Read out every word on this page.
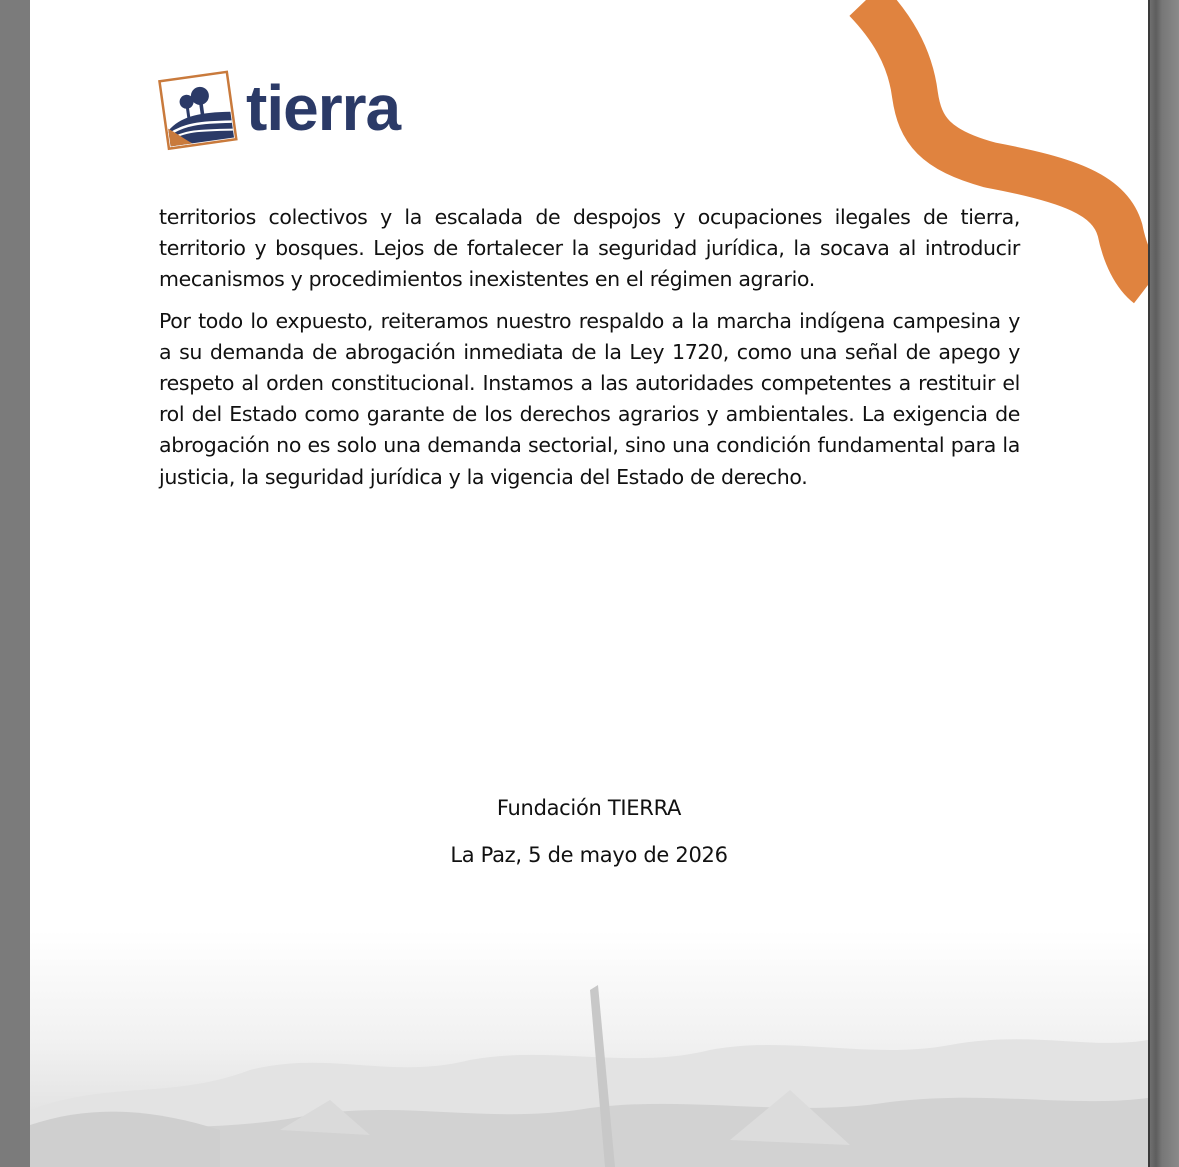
tierra

territorios colectivos y la escalada de despojos y ocupaciones ilegales de tierra, territorio y bosques. Lejos de fortalecer la seguridad jurídica, la socava al introducir mecanismos y procedimientos inexistentes en el régimen agrario.

Por todo lo expuesto, reiteramos nuestro respaldo a la marcha indígena campesina y a su demanda de abrogación inmediata de la Ley 1720, como una señal de apego y respeto al orden constitucional. Instamos a las autoridades competentes a restituir el rol del Estado como garante de los derechos agrarios y ambientales. La exigencia de abrogación no es solo una demanda sectorial, sino una condición fundamental para la justicia, la seguridad jurídica y la vigencia del Estado de derecho.

Fundación TIERRA
La Paz, 5 de mayo de 2026
